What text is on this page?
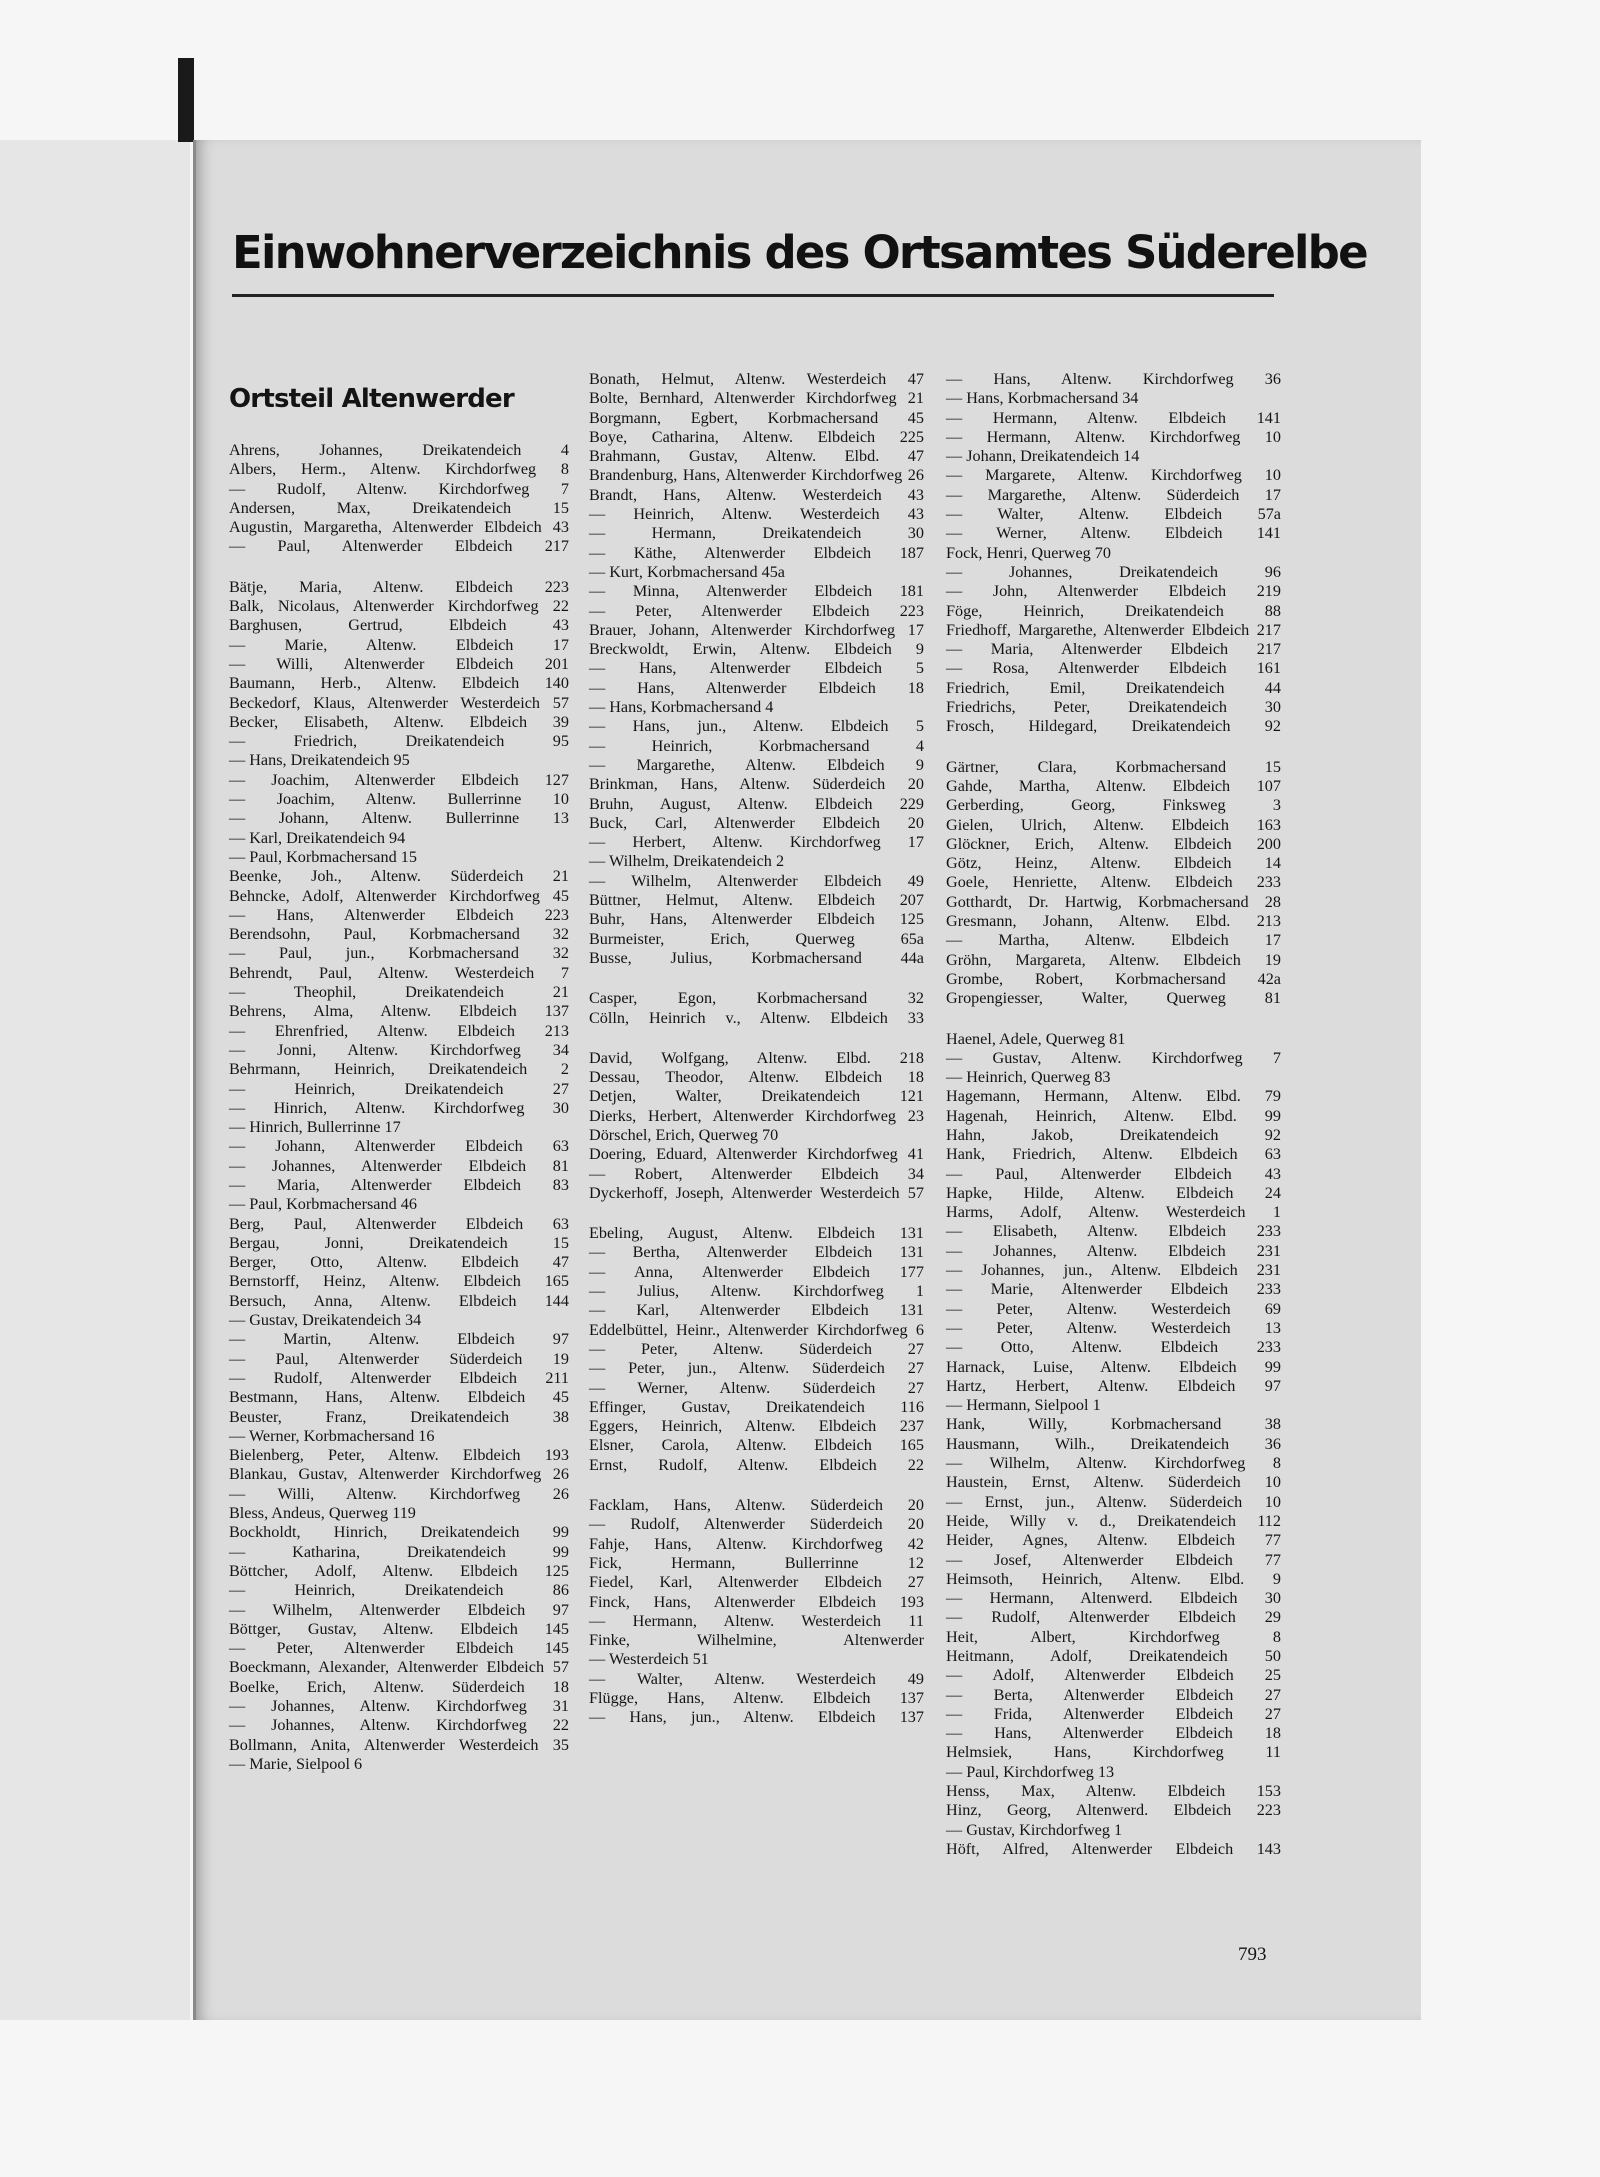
Einwohnerverzeichnis des Ortsamtes Süderelbe
Ortsteil Altenwerder
Ahrens, Johannes, Dreikatendeich 4
Albers, Herm., Altenw. Kirchdorfweg 8
— Rudolf, Altenw. Kirchdorfweg 7
Andersen, Max, Dreikatendeich 15
Augustin, Margaretha, Altenwerder Elbdeich 43
— Paul, Altenwerder Elbdeich 217
Bätje, Maria, Altenw. Elbdeich 223
Balk, Nicolaus, Altenwerder Kirchdorfweg 22
Barghusen, Gertrud, Elbdeich 43
— Marie, Altenw. Elbdeich 17
— Willi, Altenwerder Elbdeich 201
Baumann, Herb., Altenw. Elbdeich 140
Beckedorf, Klaus, Altenwerder Westerdeich 57
Becker, Elisabeth, Altenw. Elbdeich 39
— Friedrich, Dreikatendeich 95
— Hans, Dreikatendeich 95
— Joachim, Altenwerder Elbdeich 127
— Joachim, Altenw. Bullerrinne 10
— Johann, Altenw. Bullerrinne 13
— Karl, Dreikatendeich 94
— Paul, Korbmachersand 15
Beenke, Joh., Altenw. Süderdeich 21
Behncke, Adolf, Altenwerder Kirchdorfweg 45
— Hans, Altenwerder Elbdeich 223
Berendsohn, Paul, Korbmachersand 32
— Paul, jun., Korbmachersand 32
Behrendt, Paul, Altenw. Westerdeich 7
— Theophil, Dreikatendeich 21
Behrens, Alma, Altenw. Elbdeich 137
— Ehrenfried, Altenw. Elbdeich 213
— Jonni, Altenw. Kirchdorfweg 34
Behrmann, Heinrich, Dreikatendeich 2
— Heinrich, Dreikatendeich 27
— Hinrich, Altenw. Kirchdorfweg 30
— Hinrich, Bullerrinne 17
— Johann, Altenwerder Elbdeich 63
— Johannes, Altenwerder Elbdeich 81
— Maria, Altenwerder Elbdeich 83
— Paul, Korbmachersand 46
Berg, Paul, Altenwerder Elbdeich 63
Bergau, Jonni, Dreikatendeich 15
Berger, Otto, Altenw. Elbdeich 47
Bernstorff, Heinz, Altenw. Elbdeich 165
Bersuch, Anna, Altenw. Elbdeich 144
— Gustav, Dreikatendeich 34
— Martin, Altenw. Elbdeich 97
— Paul, Altenwerder Süderdeich 19
— Rudolf, Altenwerder Elbdeich 211
Bestmann, Hans, Altenw. Elbdeich 45
Beuster, Franz, Dreikatendeich 38
— Werner, Korbmachersand 16
Bielenberg, Peter, Altenw. Elbdeich 193
Blankau, Gustav, Altenwerder Kirchdorfweg 26
— Willi, Altenw. Kirchdorfweg 26
Bless, Andeus, Querweg 119
Bockholdt, Hinrich, Dreikatendeich 99
— Katharina, Dreikatendeich 99
Böttcher, Adolf, Altenw. Elbdeich 125
— Heinrich, Dreikatendeich 86
— Wilhelm, Altenwerder Elbdeich 97
Böttger, Gustav, Altenw. Elbdeich 145
— Peter, Altenwerder Elbdeich 145
Boeckmann, Alexander, Altenwerder Elbdeich 57
Boelke, Erich, Altenw. Süderdeich 18
— Johannes, Altenw. Kirchdorfweg 31
— Johannes, Altenw. Kirchdorfweg 22
Bollmann, Anita, Altenwerder Westerdeich 35
— Marie, Sielpool 6
Bonath, Helmut, Altenw. Westerdeich 47
Bolte, Bernhard, Altenwerder Kirchdorfweg 21
Borgmann, Egbert, Korbmachersand 45
Boye, Catharina, Altenw. Elbdeich 225
Brahmann, Gustav, Altenw. Elbd. 47
Brandenburg, Hans, Altenwerder Kirchdorfweg 26
Brandt, Hans, Altenw. Westerdeich 43
— Heinrich, Altenw. Westerdeich 43
— Hermann, Dreikatendeich 30
— Käthe, Altenwerder Elbdeich 187
— Kurt, Korbmachersand 45a
— Minna, Altenwerder Elbdeich 181
— Peter, Altenwerder Elbdeich 223
Brauer, Johann, Altenwerder Kirchdorfweg 17
Breckwoldt, Erwin, Altenw. Elbdeich 9
— Hans, Altenwerder Elbdeich 5
— Hans, Altenwerder Elbdeich 18
— Hans, Korbmachersand 4
— Hans, jun., Altenw. Elbdeich 5
— Heinrich, Korbmachersand 4
— Margarethe, Altenw. Elbdeich 9
Brinkman, Hans, Altenw. Süderdeich 20
Bruhn, August, Altenw. Elbdeich 229
Buck, Carl, Altenwerder Elbdeich 20
— Herbert, Altenw. Kirchdorfweg 17
— Wilhelm, Dreikatendeich 2
— Wilhelm, Altenwerder Elbdeich 49
Büttner, Helmut, Altenw. Elbdeich 207
Buhr, Hans, Altenwerder Elbdeich 125
Burmeister, Erich, Querweg 65a
Busse, Julius, Korbmachersand 44a
Casper, Egon, Korbmachersand 32
Cölln, Heinrich v., Altenw. Elbdeich 33
David, Wolfgang, Altenw. Elbd. 218
Dessau, Theodor, Altenw. Elbdeich 18
Detjen, Walter, Dreikatendeich 121
Dierks, Herbert, Altenwerder Kirchdorfweg 23
Dörschel, Erich, Querweg 70
Doering, Eduard, Altenwerder Kirchdorfweg 41
— Robert, Altenwerder Elbdeich 34
Dyckerhoff, Joseph, Altenwerder Westerdeich 57
Ebeling, August, Altenw. Elbdeich 131
— Bertha, Altenwerder Elbdeich 131
— Anna, Altenwerder Elbdeich 177
— Julius, Altenw. Kirchdorfweg 1
— Karl, Altenwerder Elbdeich 131
Eddelbüttel, Heinr., Altenwerder Kirchdorfweg 6
— Peter, Altenw. Süderdeich 27
— Peter, jun., Altenw. Süderdeich 27
— Werner, Altenw. Süderdeich 27
Effinger, Gustav, Dreikatendeich 116
Eggers, Heinrich, Altenw. Elbdeich 237
Elsner, Carola, Altenw. Elbdeich 165
Ernst, Rudolf, Altenw. Elbdeich 22
Facklam, Hans, Altenw. Süderdeich 20
— Rudolf, Altenwerder Süderdeich 20
Fahje, Hans, Altenw. Kirchdorfweg 42
Fick, Hermann, Bullerrinne 12
Fiedel, Karl, Altenwerder Elbdeich 27
Finck, Hans, Altenwerder Elbdeich 193
— Hermann, Altenw. Westerdeich 11
Finke, Wilhelmine, Altenwerder
— Westerdeich 51
— Walter, Altenw. Westerdeich 49
Flügge, Hans, Altenw. Elbdeich 137
— Hans, jun., Altenw. Elbdeich 137
— Hans, Altenw. Kirchdorfweg 36
— Hans, Korbmachersand 34
— Hermann, Altenw. Elbdeich 141
— Hermann, Altenw. Kirchdorfweg 10
— Johann, Dreikatendeich 14
— Margarete, Altenw. Kirchdorfweg 10
— Margarethe, Altenw. Süderdeich 17
— Walter, Altenw. Elbdeich 57a
— Werner, Altenw. Elbdeich 141
Fock, Henri, Querweg 70
— Johannes, Dreikatendeich 96
— John, Altenwerder Elbdeich 219
Föge, Heinrich, Dreikatendeich 88
Friedhoff, Margarethe, Altenwerder Elbdeich 217
— Maria, Altenwerder Elbdeich 217
— Rosa, Altenwerder Elbdeich 161
Friedrich, Emil, Dreikatendeich 44
Friedrichs, Peter, Dreikatendeich 30
Frosch, Hildegard, Dreikatendeich 92
Gärtner, Clara, Korbmachersand 15
Gahde, Martha, Altenw. Elbdeich 107
Gerberding, Georg, Finksweg 3
Gielen, Ulrich, Altenw. Elbdeich 163
Glöckner, Erich, Altenw. Elbdeich 200
Götz, Heinz, Altenw. Elbdeich 14
Goele, Henriette, Altenw. Elbdeich 233
Gotthardt, Dr. Hartwig, Korbmachersand 28
Gresmann, Johann, Altenw. Elbd. 213
— Martha, Altenw. Elbdeich 17
Gröhn, Margareta, Altenw. Elbdeich 19
Grombe, Robert, Korbmachersand 42a
Gropengiesser, Walter, Querweg 81
Haenel, Adele, Querweg 81
— Gustav, Altenw. Kirchdorfweg 7
— Heinrich, Querweg 83
Hagemann, Hermann, Altenw. Elbd. 79
Hagenah, Heinrich, Altenw. Elbd. 99
Hahn, Jakob, Dreikatendeich 92
Hank, Friedrich, Altenw. Elbdeich 63
— Paul, Altenwerder Elbdeich 43
Hapke, Hilde, Altenw. Elbdeich 24
Harms, Adolf, Altenw. Westerdeich 1
— Elisabeth, Altenw. Elbdeich 233
— Johannes, Altenw. Elbdeich 231
— Johannes, jun., Altenw. Elbdeich 231
— Marie, Altenwerder Elbdeich 233
— Peter, Altenw. Westerdeich 69
— Peter, Altenw. Westerdeich 13
— Otto, Altenw. Elbdeich 233
Harnack, Luise, Altenw. Elbdeich 99
Hartz, Herbert, Altenw. Elbdeich 97
— Hermann, Sielpool 1
Hank, Willy, Korbmachersand 38
Hausmann, Wilh., Dreikatendeich 36
— Wilhelm, Altenw. Kirchdorfweg 8
Haustein, Ernst, Altenw. Süderdeich 10
— Ernst, jun., Altenw. Süderdeich 10
Heide, Willy v. d., Dreikatendeich 112
Heider, Agnes, Altenw. Elbdeich 77
— Josef, Altenwerder Elbdeich 77
Heimsoth, Heinrich, Altenw. Elbd. 9
— Hermann, Altenwerd. Elbdeich 30
— Rudolf, Altenwerder Elbdeich 29
Heit, Albert, Kirchdorfweg 8
Heitmann, Adolf, Dreikatendeich 50
— Adolf, Altenwerder Elbdeich 25
— Berta, Altenwerder Elbdeich 27
— Frida, Altenwerder Elbdeich 27
— Hans, Altenwerder Elbdeich 18
Helmsiek, Hans, Kirchdorfweg 11
— Paul, Kirchdorfweg 13
Henss, Max, Altenw. Elbdeich 153
Hinz, Georg, Altenwerd. Elbdeich 223
— Gustav, Kirchdorfweg 1
Höft, Alfred, Altenwerder Elbdeich 143
793
